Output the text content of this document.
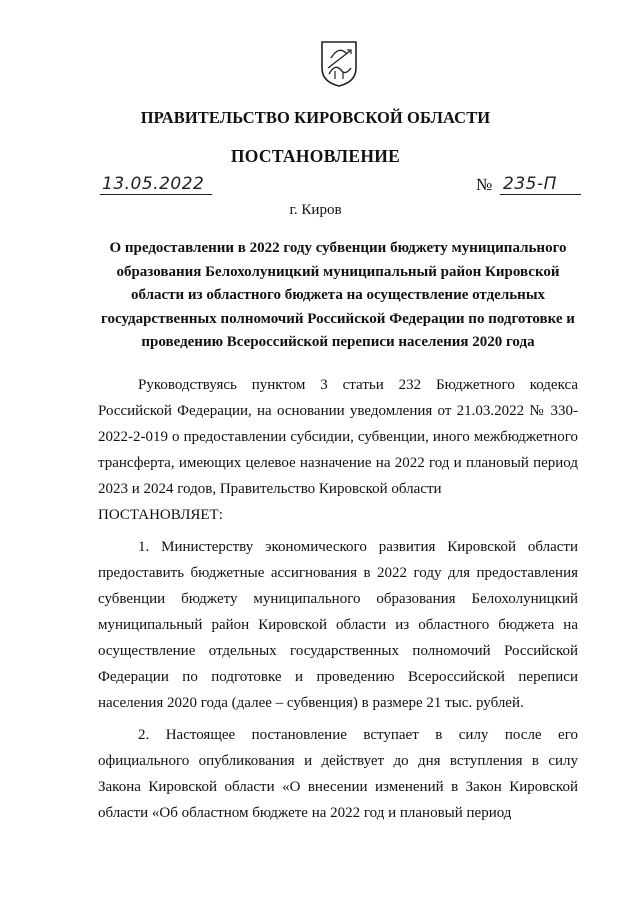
ПРАВИТЕЛЬСТВО КИРОВСКОЙ ОБЛАСТИ
ПОСТАНОВЛЕНИЕ
13.05.2022	№ 235-П
г. Киров
О предоставлении в 2022 году субвенции бюджету муниципального образования Белохолуницкий муниципальный район Кировской области из областного бюджета на осуществление отдельных государственных полномочий Российской Федерации по подготовке и проведению Всероссийской переписи населения 2020 года

Руководствуясь пунктом 3 статьи 232 Бюджетного кодекса Российской Федерации, на основании уведомления от 21.03.2022 № 330-2022-2-019 о предоставлении субсидии, субвенции, иного межбюджетного трансферта, имеющих целевое назначение на 2022 год и плановый период 2023 и 2024 годов, Правительство Кировской области

ПОСТАНОВЛЯЕТ:

1. Министерству экономического развития Кировской области предоставить бюджетные ассигнования в 2022 году для предоставления субвенции бюджету муниципального образования Белохолуницкий муниципальный район Кировской области из областного бюджета на осуществление отдельных государственных полномочий Российской Федерации по подготовке и проведению Всероссийской переписи населения 2020 года (далее – субвенция) в размере 21 тыс. рублей.

2. Настоящее постановление вступает в силу после его официального опубликования и действует до дня вступления в силу Закона Кировской области «О внесении изменений в Закон Кировской области «Об областном бюджете на 2022 год и плановый период
